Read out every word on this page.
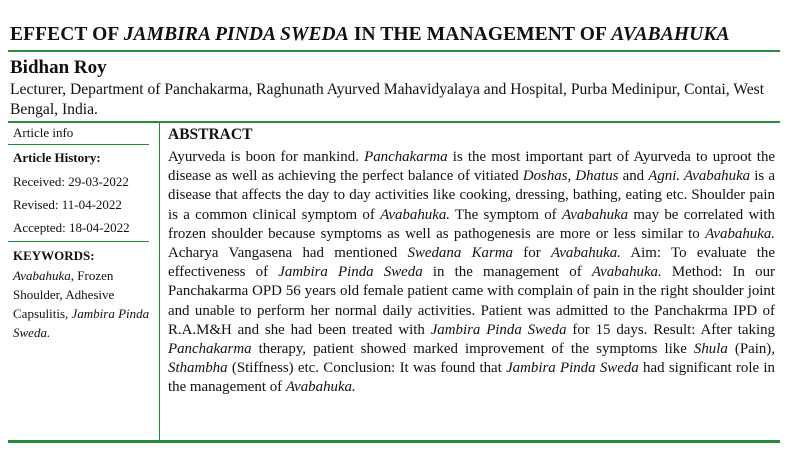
EFFECT OF JAMBIRA PINDA SWEDA IN THE MANAGEMENT OF AVABAHUKA
Bidhan Roy
Lecturer, Department of Panchakarma, Raghunath Ayurved Mahavidyalaya and Hospital, Purba Medinipur, Contai, West Bengal, India.
Article info
Article History:
Received: 29-03-2022
Revised: 11-04-2022
Accepted: 18-04-2022
KEYWORDS:
Avabahuka, Frozen Shoulder, Adhesive Capsulitis, Jambira Pinda Sweda.
ABSTRACT
Ayurveda is boon for mankind. Panchakarma is the most important part of Ayurveda to uproot the disease as well as achieving the perfect balance of vitiated Doshas, Dhatus and Agni. Avabahuka is a disease that affects the day to day activities like cooking, dressing, bathing, eating etc. Shoulder pain is a common clinical symptom of Avabahuka. The symptom of Avabahuka may be correlated with frozen shoulder because symptoms as well as pathogenesis are more or less similar to Avabahuka. Acharya Vangasena had mentioned Swedana Karma for Avabahuka. Aim: To evaluate the effectiveness of Jambira Pinda Sweda in the management of Avabahuka. Method: In our Panchakarma OPD 56 years old female patient came with complain of pain in the right shoulder joint and unable to perform her normal daily activities. Patient was admitted to the Panchakrma IPD of R.A.M&H and she had been treated with Jambira Pinda Sweda for 15 days. Result: After taking Panchakarma therapy, patient showed marked improvement of the symptoms like Shula (Pain), Sthambha (Stiffness) etc. Conclusion: It was found that Jambira Pinda Sweda had significant role in the management of Avabahuka.
